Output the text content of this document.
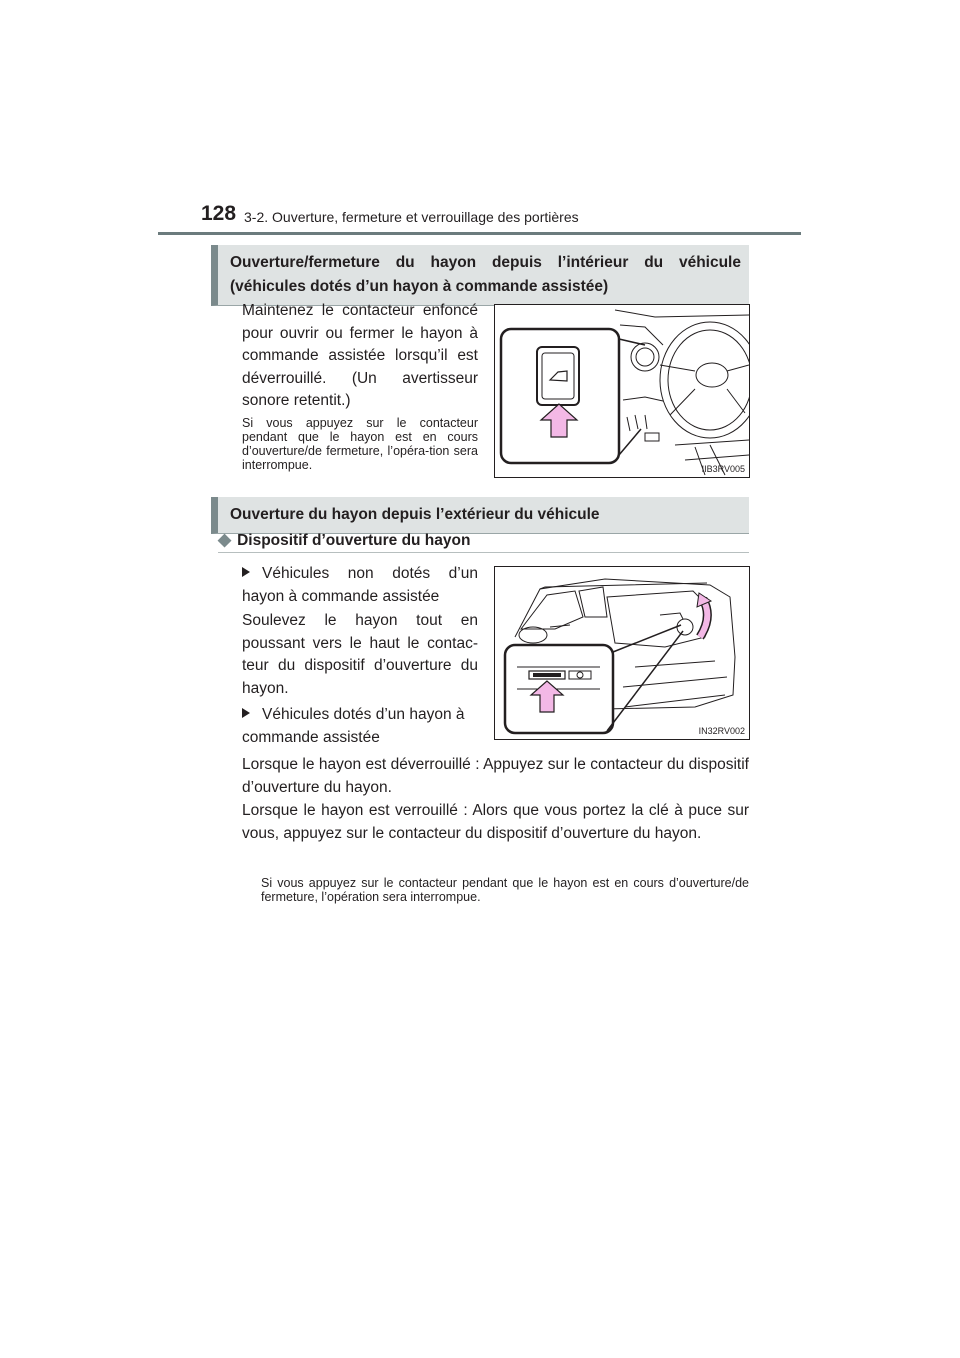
128 3-2. Ouverture, fermeture et verrouillage des portières
Ouverture/fermeture du hayon depuis l’intérieur du véhicule (véhicules dotés d’un hayon à commande assistée)
Maintenez le contacteur enfoncé pour ouvrir ou fermer le hayon à commande assistée lorsqu’il est déverrouillé. (Un avertisseur sonore retentit.)
Si vous appuyez sur le contacteur pendant que le hayon est en cours d’ouverture/de fermeture, l’opéra-tion sera interrompue.	IIB3RV005
Ouverture du hayon depuis l’extérieur du véhicule
◆ Dispositif d’ouverture du hayon
Véhicules non dotés d’un hayon à commande assistée
Soulevez le hayon tout en poussant vers le haut le contac-teur du dispositif d’ouverture du hayon.
Véhicules dotés d’un hayon à commande assistée	IN32RV002
Lorsque le hayon est déverrouillé : Appuyez sur le contacteur du dispositif d’ouverture du hayon.
Lorsque le hayon est verrouillé : Alors que vous portez la clé à puce sur vous, appuyez sur le contacteur du dispositif d’ouverture du hayon.
Si vous appuyez sur le contacteur pendant que le hayon est en cours d’ouverture/de fermeture, l’opération sera interrompue.
